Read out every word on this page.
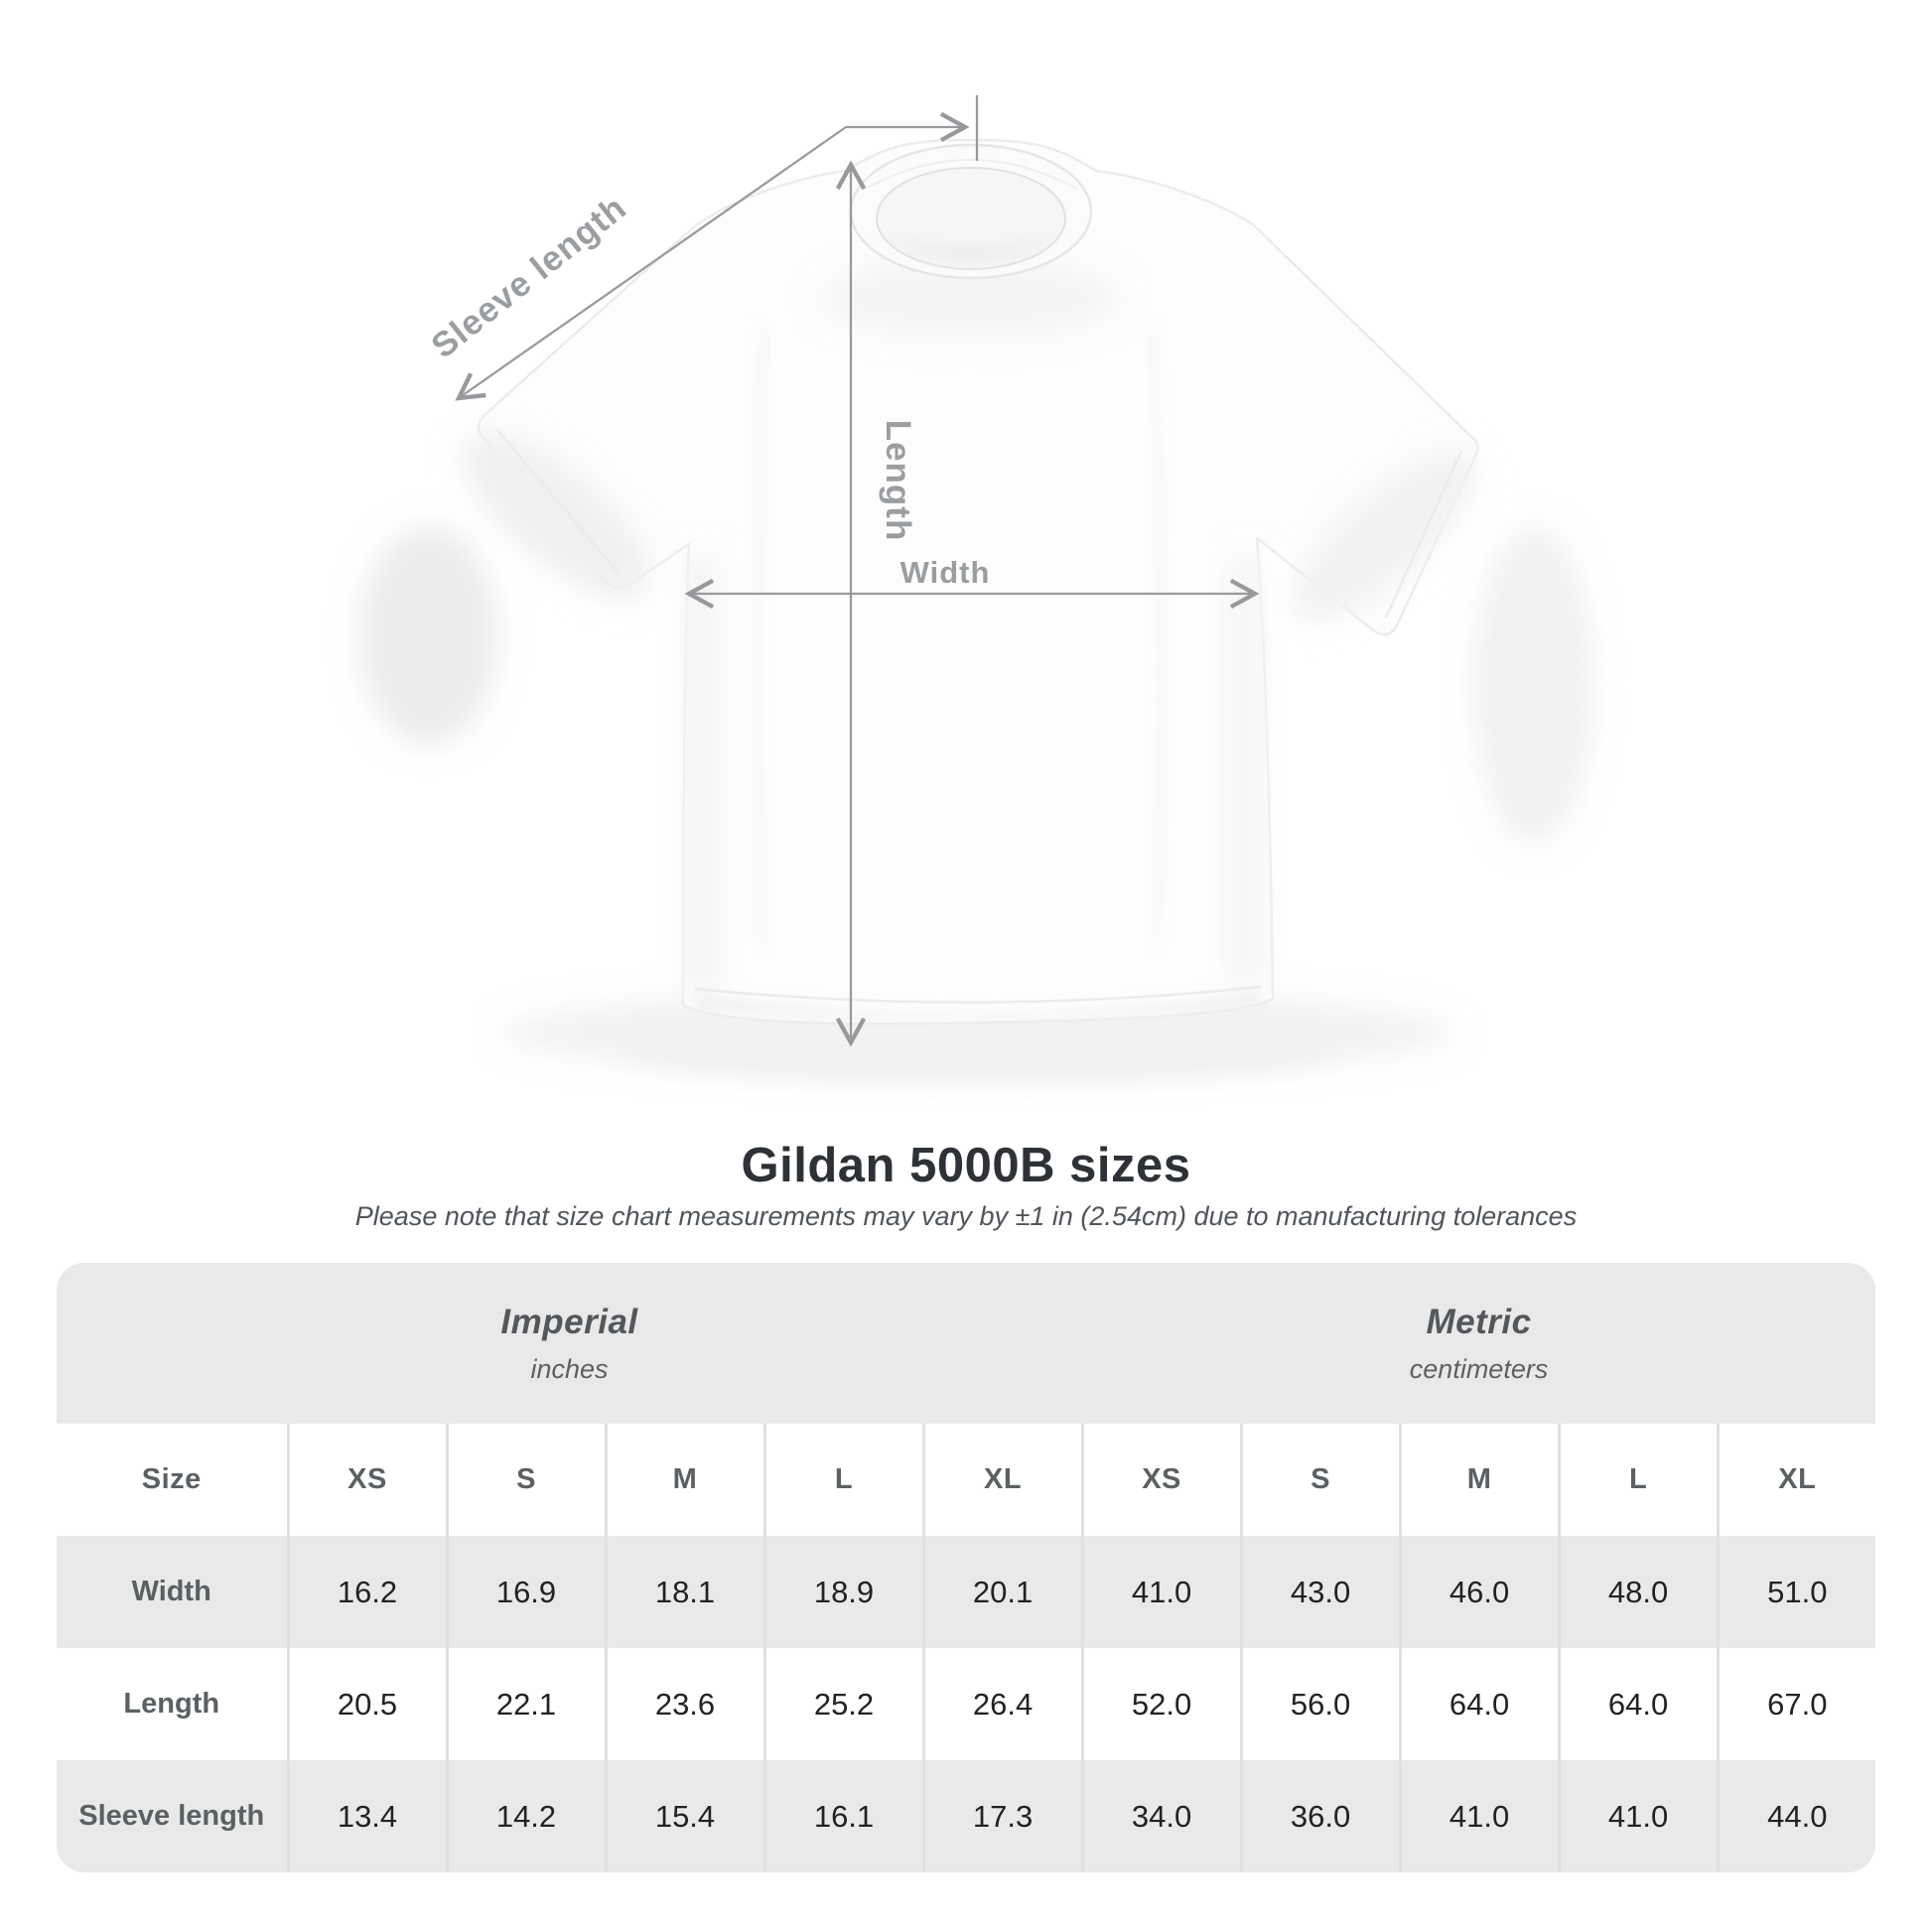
Sleeve length
Length
Width
Gildan 5000B sizes
Please note that size chart measurements may vary by ±1 in (2.54cm) due to manufacturing tolerances
Imperial
inches

Metric
centimeters

Size	XS	S	M	L	XL	XS	S	M	L	XL
Width	16.2	16.9	18.1	18.9	20.1	41.0	43.0	46.0	48.0	51.0
Length	20.5	22.1	23.6	25.2	26.4	52.0	56.0	64.0	64.0	67.0
Sleeve length	13.4	14.2	15.4	16.1	17.3	34.0	36.0	41.0	41.0	44.0
